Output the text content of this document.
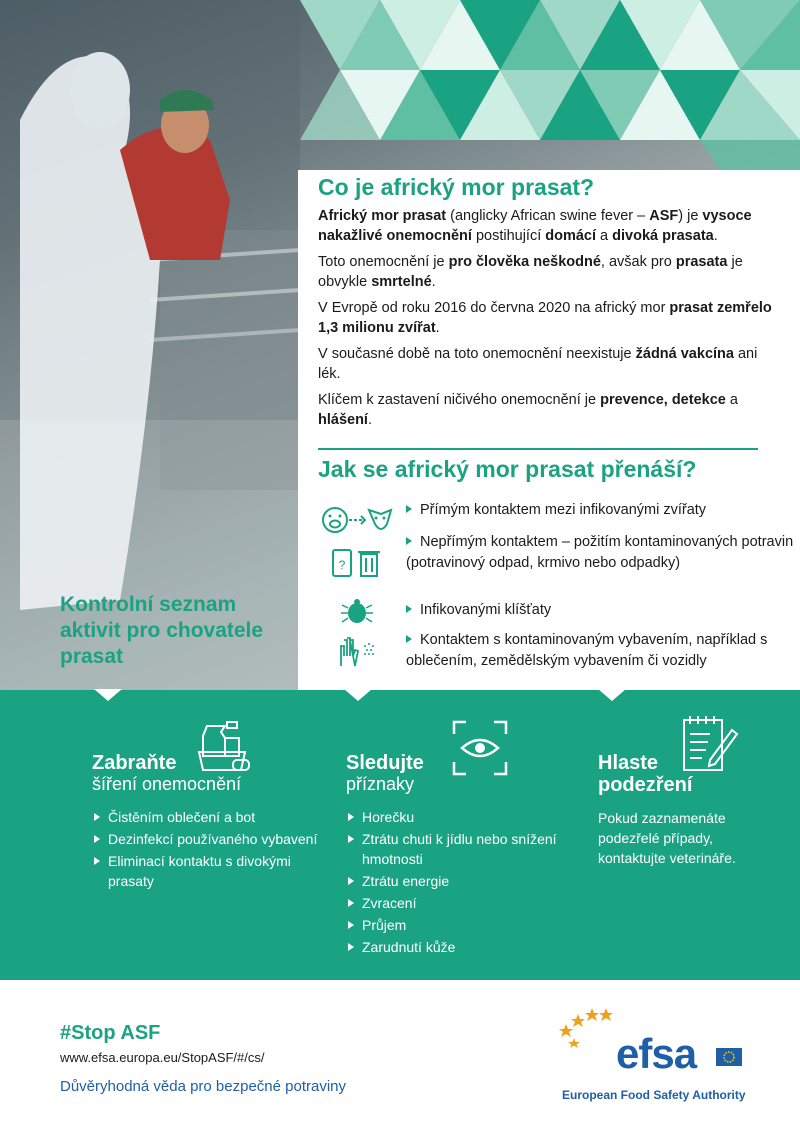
Co je africký mor prasat?

Africký mor prasat (anglicky African swine fever – ASF) je vysoce nakažlivé onemocnění postihující domácí a divoká prasata.

Toto onemocnění je pro člověka neškodné, avšak pro prasata je obvykle smrtelné.

V Evropě od roku 2016 do června 2020 na africký mor prasat zemřelo 1,3 milionu zvířat.

V současné době na toto onemocnění neexistuje žádná vakcína ani lék.

Klíčem k zastavení ničivého onemocnění je prevence, detekce a hlášení.

Jak se africký mor prasat přenáší?
Přímým kontaktem mezi infikovanými zvířaty
?
Nepřímým kontaktem – požitím kontaminovaných potravin (potravinový odpad, krmivo nebo odpadky)
Infikovanými klíšťaty
Kontaktem s kontaminovaným vybavením, například s oblečením, zemědělským vybavením či vozidly
Kontrolní seznam aktivit pro chovatele prasat
Zabraňte
šíření onemocnění
Čistěním oblečení a bot
Dezinfekcí používaného vybavení
Eliminací kontaktu s divokými prasaty
Sledujte
příznaky
Horečku
Ztrátu chuti k jídlu nebo snížení hmotnosti
Ztrátu energie
Zvracení
Průjem
Zarudnutí kůže
Hlaste
podezření
Pokud zaznamenáte podezřelé případy, kontaktujte veterináře.
#Stop ASF
www.efsa.europa.eu/StopASF/#/cs/
Důvěryhodná věda pro bezpečné potraviny
efsa
European Food Safety Authority
